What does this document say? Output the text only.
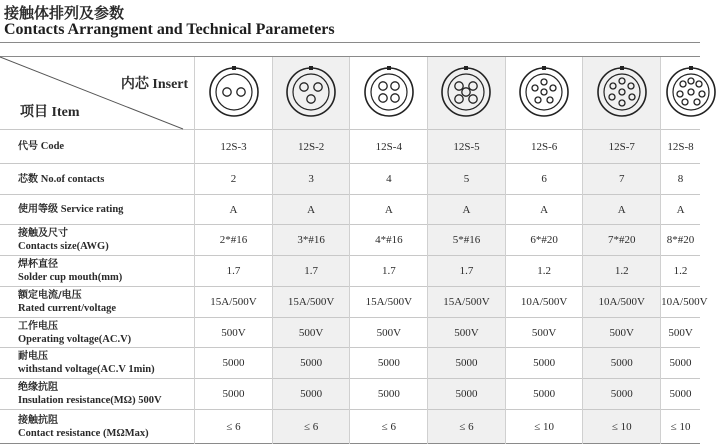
接触体排列及参数
Contacts Arrangment and Technical Parameters
内芯 Insert
项目 Item

代号 Code	12S-3	12S-2	12S-4	12S-5	12S-6	12S-7	12S-8
芯数 No.of contacts	2	3	4	5	6	7	8
使用等级 Service rating	A	A	A	A	A	A	A
接触及尺寸
Contacts size(AWG)	2*#16	3*#16	4*#16	5*#16	6*#20	7*#20	8*#20
焊杯直径
Solder cup mouth(mm)	1.7	1.7	1.7	1.7	1.2	1.2	1.2
额定电流/电压
Rated current/voltage	15A/500V	15A/500V	15A/500V	15A/500V	10A/500V	10A/500V	10A/500V
工作电压
Operating voltage(AC.V)	500V	500V	500V	500V	500V	500V	500V
耐电压
withstand voltage(AC.V 1min)	5000	5000	5000	5000	5000	5000	5000
绝缘抗阻
Insulation resistance(MΩ) 500V	5000	5000	5000	5000	5000	5000	5000
接触抗阻
Contact resistance (MΩMax)	≤ 6	≤ 6	≤ 6	≤ 6	≤ 10	≤ 10	≤ 10
